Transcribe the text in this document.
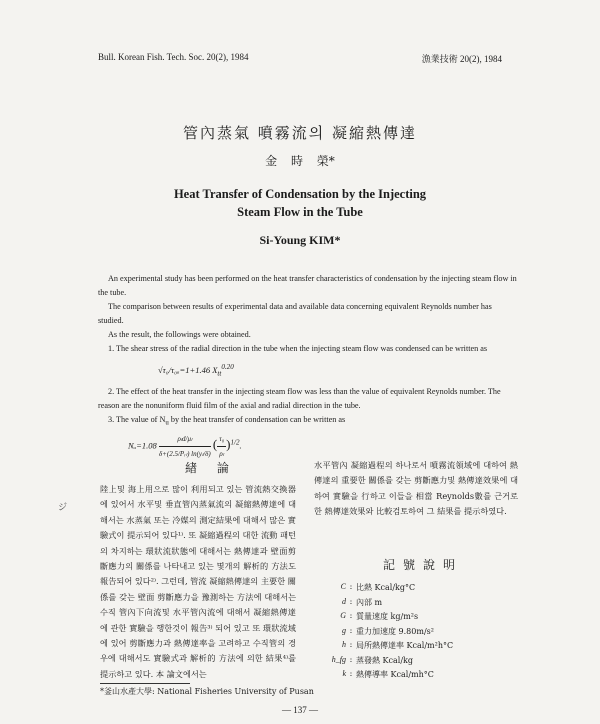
Bull. Korean Fish. Tech. Soc. 20(2), 1984	漁業技術 20(2), 1984
管內蒸氣 噴霧流의 凝縮熱傳達
金 時 榮*
Heat Transfer of Condensation by the Injecting
Steam Flow in the Tube
Si-Young KIM*
An experimental study has been performed on the heat transfer characteristics of condensation by the injecting steam flow in the tube.
The comparison between results of experimental data and available data concerning equivalent Reynolds number has studied.
As the result, the followings were obtained.
1. The shear stress of the radial direction in the tube when the injecting steam flow was condensed can be written as
√τ₀/τ₀ₐ=1+1.46 $X_{tt}^{0.20}$
2. The effect of the heat transfer in the injecting steam flow was less than the value of equivalent Reynolds number. The reason are the nonuniform fluid film of the axial and radial direction in the tube.
3. The value of $N_u$ by the heat transfer of condensation can be written as
Nᵤ=1.08 $\frac{\text{ρₗd/μₗ}}{\text{δ+(2.5/Pᵣₗ) ln(yₗ/δ)}}$ ( $\frac{\text{τ₀}}{\text{ρₗ}} )^{1/2}$.
緖 論
陸上및 海上用으로 많이 利用되고 있는 管流熱交換器에 있어서 水平및 垂直管內蒸氣流의 凝縮熱傳達에 대해서는 水蒸氣 또는 冷媒의 測定結果에 대해서 많은 實驗式이 提示되어 있다¹⁾. 또 凝縮過程의 대한 流動 패턴의 차지하는 環狀流狀態에 대해서는 熱傳達과 壁面剪斷應力의 關係를 나타내고 있는 몇개의 解析的 方法도 報告되어 있다²⁾. 그런데, 管流 凝縮熱傳達의 主要한 關係를 갖는 壁面 剪斷應力을 豫測하는 方法에 대해서는 수직 管內下向流및 水平管內流에 대해서 凝縮熱傳達에 관한 實驗을 행한것이 報告³⁾ 되어 있고 또 環狀流域에 있어 剪斷應力과 熱傳達率을 고려하고 수직管의 경우에 대해서도 實驗式과 解析的 方法에 의한 結果⁴⁾를 提示하고 있다. 本 論文에서는
ジ
水平管內 凝縮過程의 하나로서 噴霧流領域에 대하여 熱傳達의 重要한 關係를 갖는 剪斷應力및 熱傳達效果에 대하여 實驗을 行하고 이들을 相當 Reynolds數를 근거로 한 熱傳達效果와 比較검토하여 그 結果를 提示하였다.
記號說明
C : 比熱 Kcal/kg°C
d : 內部 m
G : 質量速度 kg/m²s
g : 重力加速度 9.80m/s²
h : 局所熱傳達率 Kcal/m²h°C
h_fg : 蒸發熱 Kcal/kg
k : 熱傳導率 Kcal/mh°C
*釜山水產大學: National Fisheries University of Pusan
— 137 —
